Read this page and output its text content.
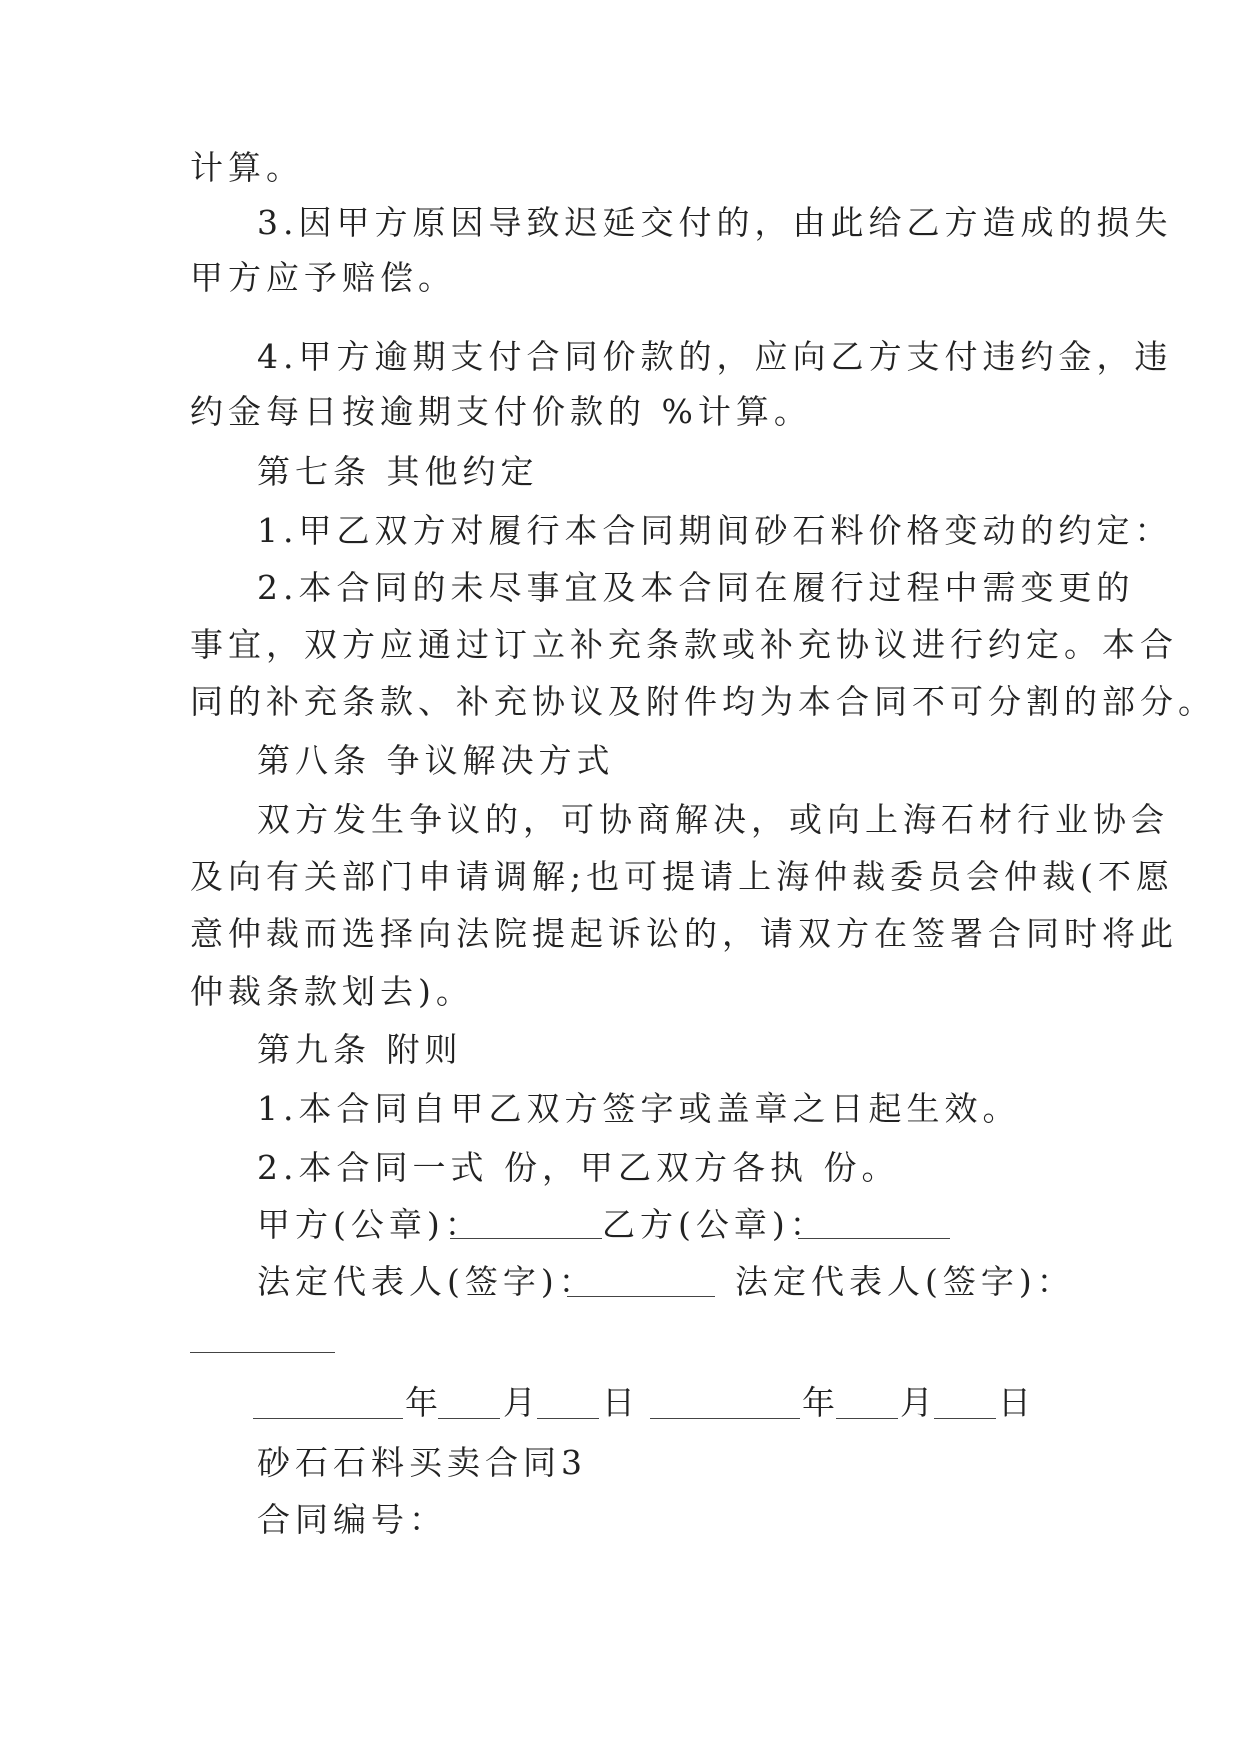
计算。
3.因甲方原因导致迟延交付的，由此给乙方造成的损失
甲方应予赔偿。
4.甲方逾期支付合同价款的，应向乙方支付违约金，违
约金每日按逾期支付价款的 %计算。
第七条 其他约定
1.甲乙双方对履行本合同期间砂石料价格变动的约定：
2.本合同的未尽事宜及本合同在履行过程中需变更的
事宜，双方应通过订立补充条款或补充协议进行约定。本合
同的补充条款、补充协议及附件均为本合同不可分割的部分。
第八条 争议解决方式
双方发生争议的，可协商解决，或向上海石材行业协会
及向有关部门申请调解;也可提请上海仲裁委员会仲裁(不愿
意仲裁而选择向法院提起诉讼的，请双方在签署合同时将此
仲裁条款划去)。
第九条 附则
1.本合同自甲乙双方签字或盖章之日起生效。
2.本合同一式 份，甲乙双方各执 份。
甲方(公章)：	乙方(公章)：
法定代表人(签字)：	法定代表人(签字)：
年 月 日	年 月 日
砂石石料买卖合同3
合同编号：
